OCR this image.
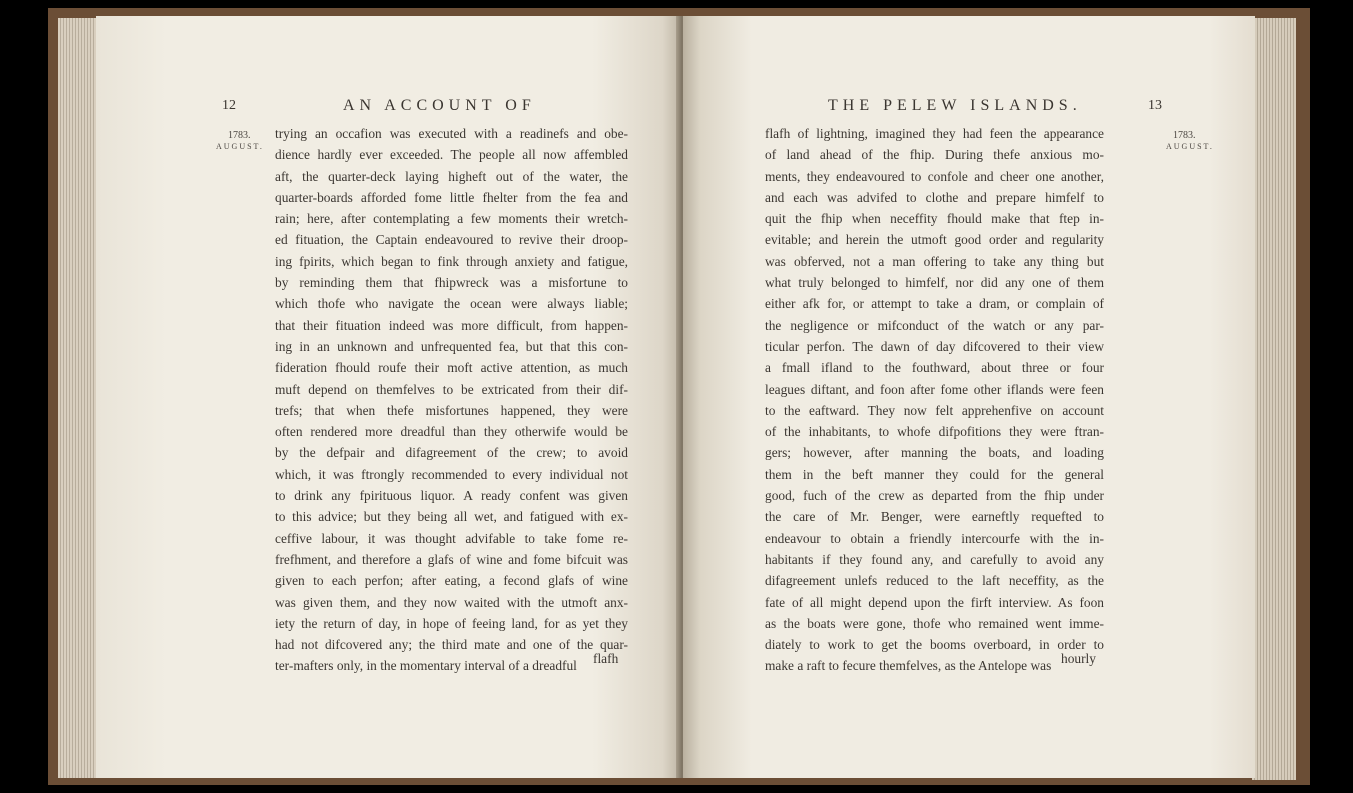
12	AN ACCOUNT OF
1783.
AUGUST.
trying an occafion was executed with a readinefs and obe-
dience hardly ever exceeded. The people all now affembled
aft, the quarter-deck laying higheft out of the water, the
quarter-boards afforded fome little fhelter from the fea and
rain; here, after contemplating a few moments their wretch-
ed fituation, the Captain endeavoured to revive their droop-
ing fpirits, which began to fink through anxiety and fatigue,
by reminding them that fhipwreck was a misfortune to
which thofe who navigate the ocean were always liable;
that their fituation indeed was more difficult, from happen-
ing in an unknown and unfrequented fea, but that this con-
fideration fhould roufe their moft active attention, as much
muft depend on themfelves to be extricated from their dif-
trefs; that when thefe misfortunes happened, they were
often rendered more dreadful than they otherwife would be
by the defpair and difagreement of the crew; to avoid
which, it was ftrongly recommended to every individual not
to drink any fpirituous liquor. A ready confent was given
to this advice; but they being all wet, and fatigued with ex-
ceffive labour, it was thought advifable to take fome re-
frefhment, and therefore a glafs of wine and fome bifcuit was
given to each perfon; after eating, a fecond glafs of wine
was given them, and they now waited with the utmoft anx-
iety the return of day, in hope of feeing land, for as yet they
had not difcovered any; the third mate and one of the quar-
ter-mafters only, in the momentary interval of a dreadful	flafh
THE PELEW ISLANDS.	13
1783.
AUGUST.
flafh of lightning, imagined they had feen the appearance
of land ahead of the fhip. During thefe anxious mo-
ments, they endeavoured to confole and cheer one another,
and each was advifed to clothe and prepare himfelf to
quit the fhip when neceffity fhould make that ftep in-
evitable; and herein the utmoft good order and regularity
was obferved, not a man offering to take any thing but
what truly belonged to himfelf, nor did any one of them
either afk for, or attempt to take a dram, or complain of
the negligence or mifconduct of the watch or any par-
ticular perfon. The dawn of day difcovered to their view
a fmall ifland to the fouthward, about three or four
leagues diftant, and foon after fome other iflands were feen
to the eaftward. They now felt apprehenfive on account
of the inhabitants, to whofe difpofitions they were ftran-
gers; however, after manning the boats, and loading
them in the beft manner they could for the general
good, fuch of the crew as departed from the fhip under
the care of Mr. Benger, were earneftly requefted to
endeavour to obtain a friendly intercourfe with the in-
habitants if they found any, and carefully to avoid any
difagreement unlefs reduced to the laft neceffity, as the
fate of all might depend upon the firft interview. As foon
as the boats were gone, thofe who remained went imme-
diately to work to get the booms overboard, in order to
make a raft to fecure themfelves, as the Antelope was hourly
